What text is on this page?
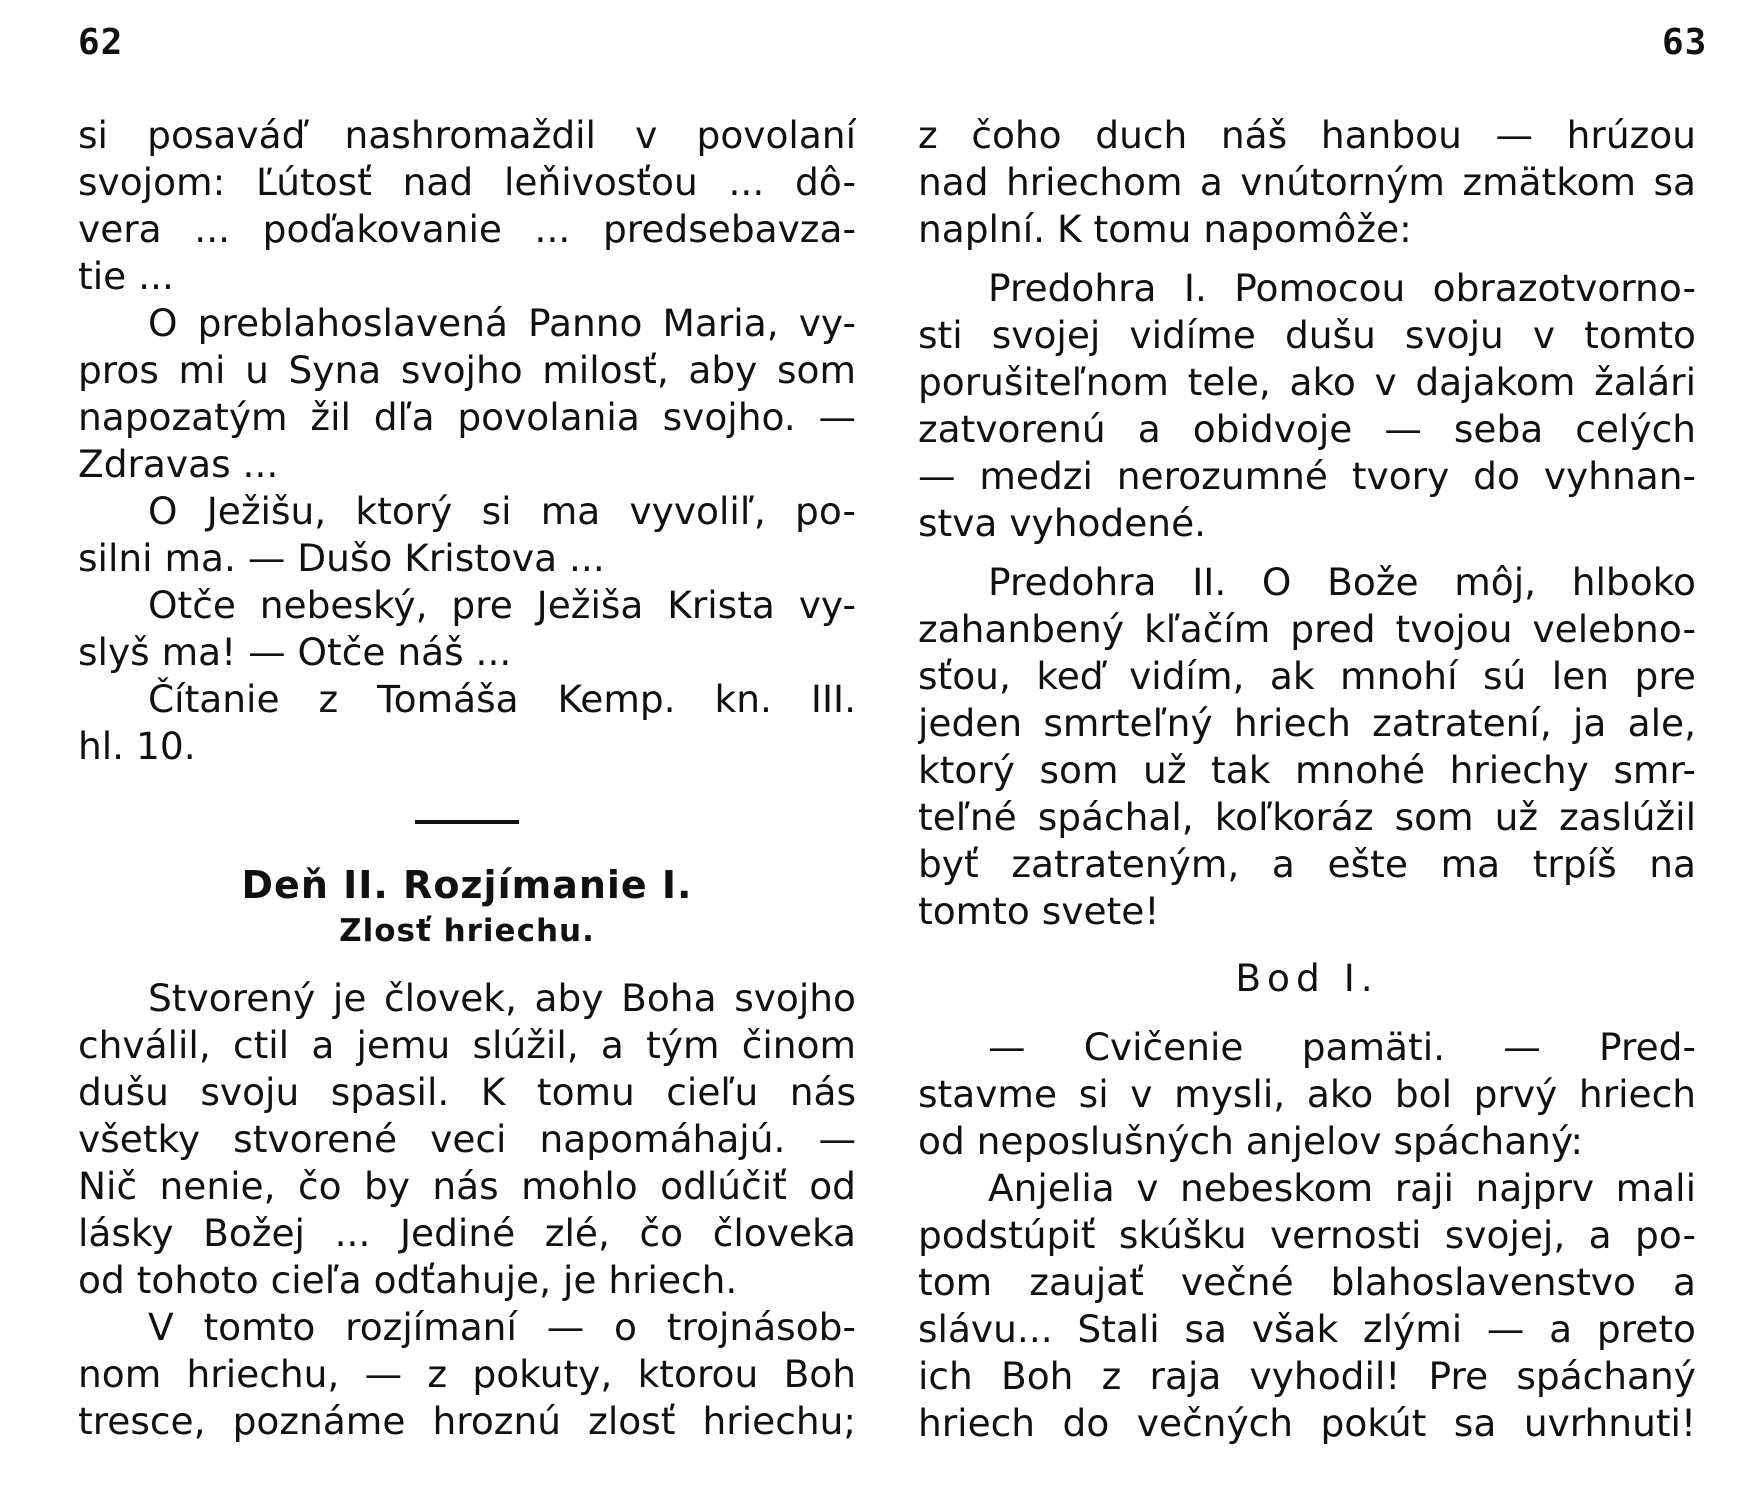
62	63
si posaváď nashromaždil v povolaní
svojom: Ľútosť nad leňivosťou ... dô-
vera ... poďakovanie ... predsebavza-
tie ...
O preblahoslavená Panno Maria, vy-
pros mi u Syna svojho milosť, aby som
napozatým žil dľa povolania svojho. —
Zdravas ...
O Ježišu, ktorý si ma vyvoliľ, po-
silni ma. — Dušo Kristova ...
Otče nebeský, pre Ježiša Krista vy-
slyš ma! — Otče náš ...
Čítanie z Tomáša Kemp. kn. III.
hl. 10.
Deň II. Rozjímanie I.
Zlosť hriechu.
Stvorený je človek, aby Boha svojho
chválil, ctil a jemu slúžil, a tým činom
dušu svoju spasil. K tomu cieľu nás
všetky stvorené veci napomáhajú. —
Nič nenie, čo by nás mohlo odlúčiť od
lásky Božej ... Jediné zlé, čo človeka
od tohoto cieľa odťahuje, je hriech.
V tomto rozjímaní — o trojnásob-
nom hriechu, — z pokuty, ktorou Boh
tresce, poznáme hroznú zlosť hriechu;
z čoho duch náš hanbou — hrúzou
nad hriechom a vnútorným zmätkom sa
naplní. K tomu napomôže:
Predohra I. Pomocou obrazotvorno-
sti svojej vidíme dušu svoju v tomto
porušiteľnom tele, ako v dajakom žalári
zatvorenú a obidvoje — seba celých
— medzi nerozumné tvory do vyhnan-
stva vyhodené.
Predohra II. O Bože môj, hlboko
zahanbený kľačím pred tvojou velebno-
sťou, keď vidím, ak mnohí sú len pre
jeden smrteľný hriech zatratení, ja ale,
ktorý som už tak mnohé hriechy smr-
teľné spáchal, koľkoráz som už zaslúžil
byť zatrateným, a ešte ma trpíš na
tomto svete!
Bod I.
— Cvičenie pamäti. — Pred-
stavme si v mysli, ako bol prvý hriech
od neposlušných anjelov spáchaný:
Anjelia v nebeskom raji najprv mali
podstúpiť skúšku vernosti svojej, a po-
tom zaujať večné blahoslavenstvo a
slávu... Stali sa však zlými — a preto
ich Boh z raja vyhodil! Pre spáchaný
hriech do večných pokút sa uvrhnuti!
